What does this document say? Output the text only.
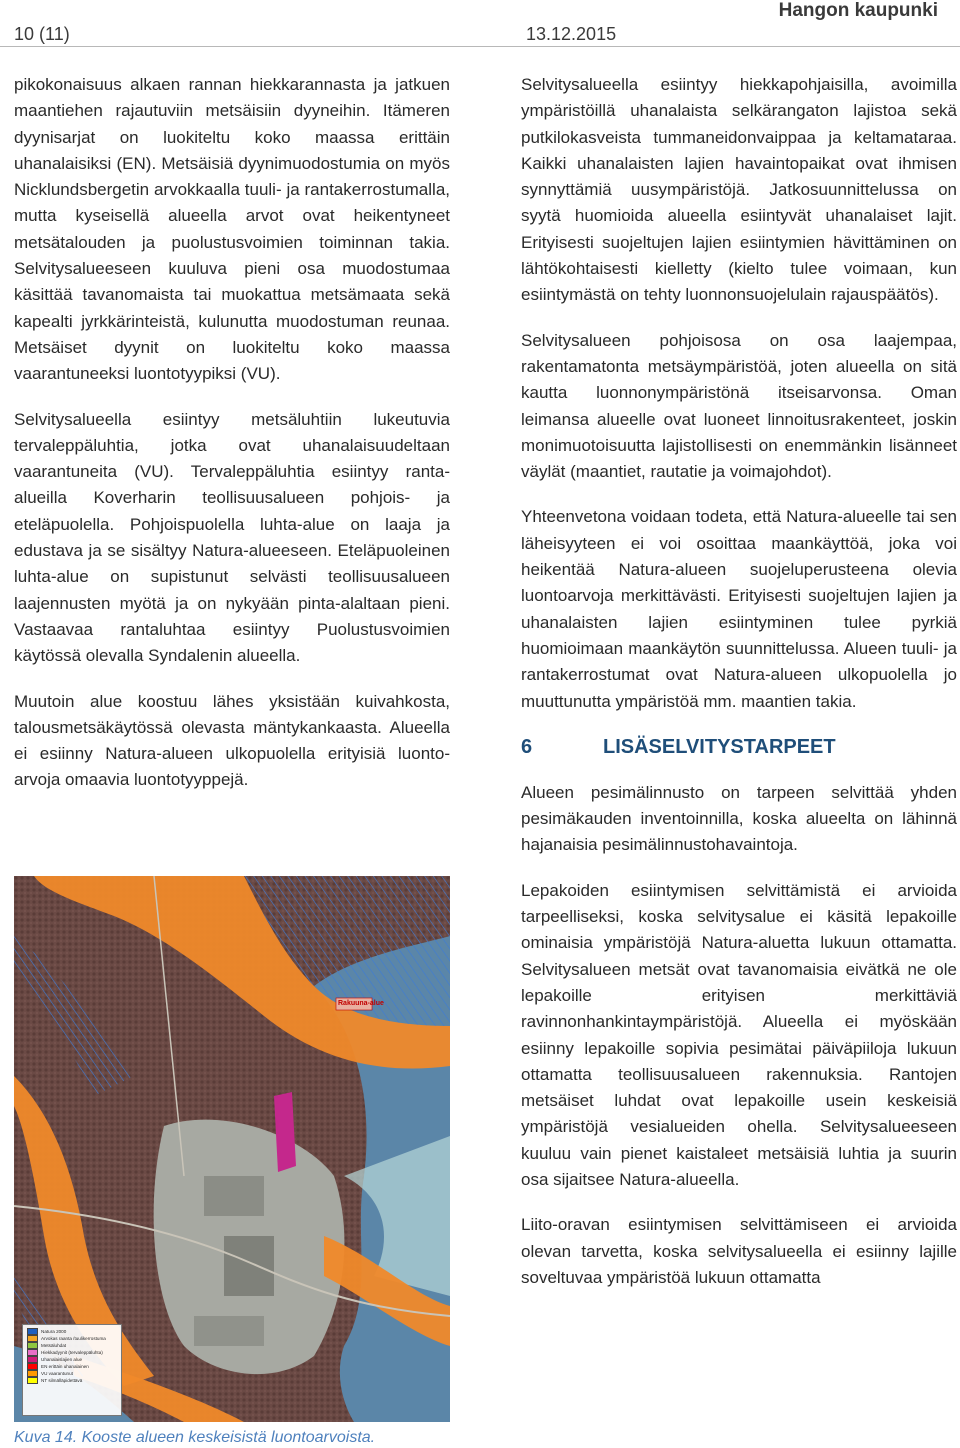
10 (11)	13.12.2015
Hangon kaupunki

pikokonaisuus alkaen rannan hiekkarannasta ja jatkuen maantiehen rajautuviin metsäisiin dyyneihin. Itämeren dyynisarjat on luokiteltu koko maassa erittäin uhanalaisiksi (EN). Metsäisiä dyynimuodostumia on myös Nicklundsbergetin arvokkaalla tuuli- ja rantakerrostumalla, mutta kyseisellä alueella arvot ovat heikentyneet metsätalouden ja puolustusvoimien toiminnan takia. Selvitysalueeseen kuuluva pieni osa muodostumaa käsittää tavanomaista tai muokattua metsämaata sekä kapealti jyrkkärinteistä, kulunutta muodostuman reunaa. Metsäiset dyynit on luokiteltu koko maassa vaarantuneeksi luontotyypiksi (VU).

Selvitysalueella esiintyy metsäluhtiin lukeutuvia tervaleppäluhtia, jotka ovat uhanalaisuudeltaan vaarantuneita (VU). Tervaleppäluhtia esiintyy ranta-alueilla Koverharin teollisuusalueen pohjois- ja eteläpuolella. Pohjoispuolella luhta-alue on laaja ja edustava ja se sisältyy Natura-alueeseen. Eteläpuoleinen luhta-alue on supistunut selvästi teollisuusalueen laajennusten myötä ja on nykyään pinta-alaltaan pieni. Vastaavaa rantaluhtaa esiintyy Puolustusvoimien käytössä olevalla Syndalenin alueella.

Muutoin alue koostuu lähes yksistään kuivahkosta, talousmetsäkäytössä olevasta mäntykankaasta. Alueella ei esiinny Natura-alueen ulkopuolella erityisiä luontoarvoja omaavia luontotyyppejä.

Rakuuna-alue
Natura 2000
Arvokas raanta /tuulikerrostuma
Metsäluhdat
Hiekkadyynit (tervaleppäluhta)
Uhanalaislajien alue
EN erittäin uhanalainen
VU vaarantunut
NT silmälläpidettävä
Kuva 14. Kooste alueen keskeisistä luontoarvoista.

Selvitysalueella esiintyy hiekkapohjaisilla, avoimilla ympäristöillä uhanalaista selkärangaton lajistoa sekä putkilokasveista tummaneidonvaippaa ja keltamataraa. Kaikki uhanalaisten lajien havaintopaikat ovat ihmisen synnyttämiä uusympäristöjä. Jatkosuunnittelussa on syytä huomioida alueella esiintyvät uhanalaiset lajit. Erityisesti suojeltujen lajien esiintymien hävittäminen on lähtökohtaisesti kielletty (kielto tulee voimaan, kun esiintymästä on tehty luonnonsuojelulain rajauspäätös).

Selvitysalueen pohjoisosa on osa laajempaa, rakentamatonta metsäympäristöä, joten alueella on sitä kautta luonnonympäristönä itseisarvonsa. Oman leimansa alueelle ovat luoneet linnoitusrakenteet, joskin monimuotoisuutta lajistollisesti on enemmänkin lisänneet väylät (maantiet, rautatie ja voimajohdot).

Yhteenvetona voidaan todeta, että Natura-alueelle tai sen läheisyyteen ei voi osoittaa maankäyttöä, joka voi heikentää Natura-alueen suojeluperusteena olevia luontoarvoja merkittävästi. Erityisesti suojeltujen lajien ja uhanalaisten lajien esiintyminen tulee pyrkiä huomioimaan maankäytön suunnittelussa. Alueen tuuli- ja rantakerrostumat ovat Natura-alueen ulkopuolella jo muuttunutta ympäristöä mm. maantien takia.

6	LISÄSELVITYSTARPEET

Alueen pesimälinnusto on tarpeen selvittää yhden pesimäkauden inventoinnilla, koska alueelta on lähinnä hajanaisia pesimälinnustohavaintoja.

Lepakoiden esiintymisen selvittämistä ei arvioida tarpeelliseksi, koska selvitysalue ei käsitä lepakoille ominaisia ympäristöjä Natura-aluetta lukuun ottamatta. Selvitysalueen metsät ovat tavanomaisia eivätkä ne ole lepakoille erityisen merkittäviä ravinnonhankintaympäristöjä. Alueella ei myöskään esiinny lepakoille sopivia pesimätai päiväpiiloja lukuun ottamatta teollisuusalueen rakennuksia. Rantojen metsäiset luhdat ovat lepakoille usein keskeisiä ympäristöjä vesialueiden ohella. Selvitysalueeseen kuuluu vain pienet kaistaleet metsäisiä luhtia ja suurin osa sijaitsee Natura-alueella.

Liito-oravan esiintymisen selvittämiseen ei arvioida olevan tarvetta, koska selvitysalueella ei esiinny lajille soveltuvaa ympäristöä lukuun ottamatta
